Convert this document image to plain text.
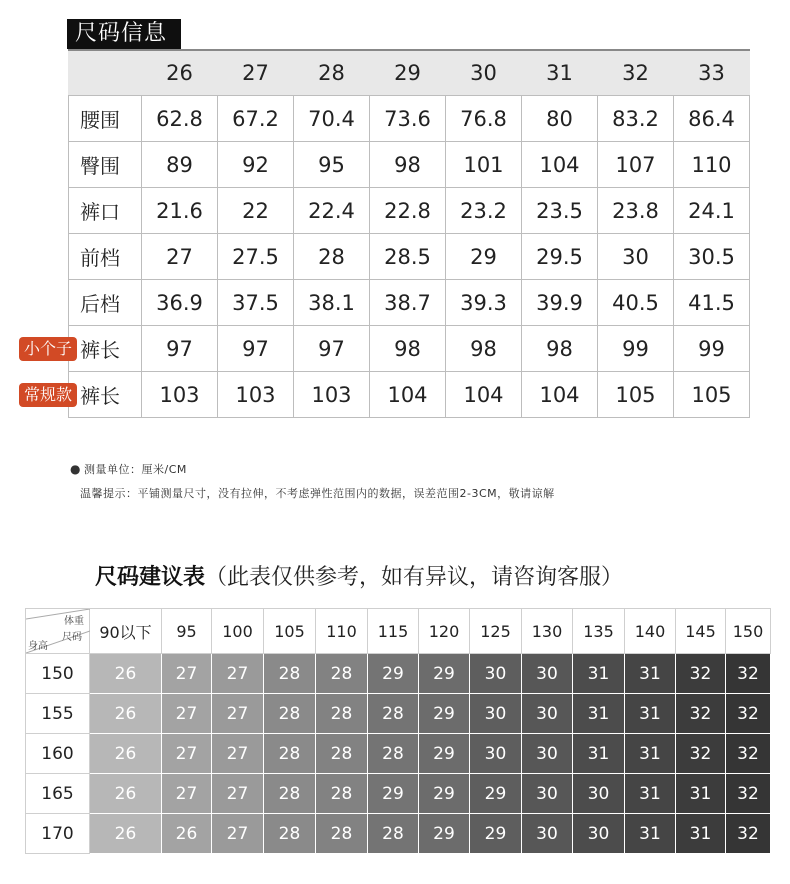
尺码信息
	26	27	28	29	30	31	32	33
腰围	62.8	67.2	70.4	73.6	76.8	80	83.2	86.4
臀围	89	92	95	98	101	104	107	110
裤口	21.6	22	22.4	22.8	23.2	23.5	23.8	24.1
前档	27	27.5	28	28.5	29	29.5	30	30.5
后档	36.9	37.5	38.1	38.7	39.3	39.9	40.5	41.5
裤长	97	97	97	98	98	98	99	99
裤长	103	103	103	104	104	104	105	105
小个子
常规款
● 测量单位：厘米/CM
温馨提示：平铺测量尺寸，没有拉伸，不考虑弹性范围内的数据，误差范围2-3CM，敬请谅解
尺码建议表（此表仅供参考，如有异议，请咨询客服）
体重
尺码
身高	90以下	95	100	105	110	115	120	125	130	135	140	145	150
150	26	27	27	28	28	29	29	30	30	31	31	32	32
155	26	27	27	28	28	28	29	30	30	31	31	32	32
160	26	27	27	28	28	28	29	30	30	31	31	32	32
165	26	27	27	28	28	29	29	29	30	30	31	31	32
170	26	26	27	28	28	28	29	29	30	30	31	31	32
